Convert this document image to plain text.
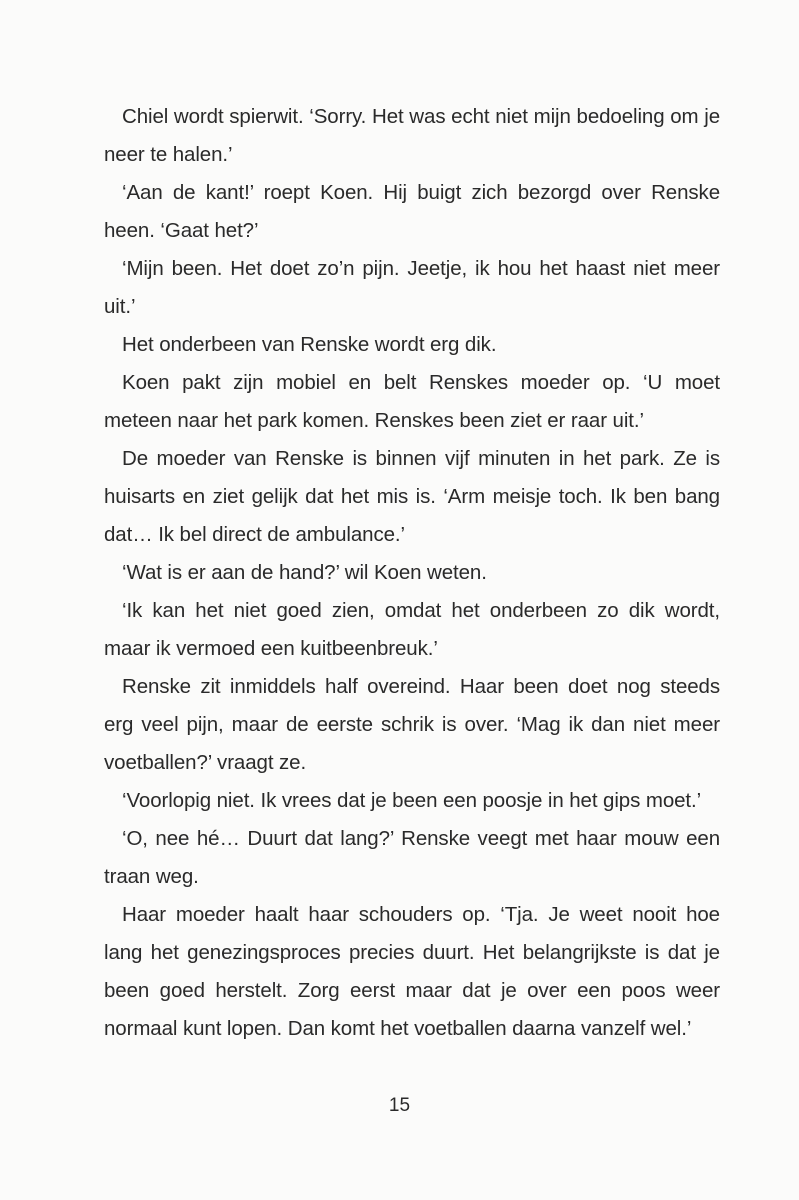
Chiel wordt spierwit. ‘Sorry. Het was echt niet mijn bedoeling om je neer te halen.’

‘Aan de kant!’ roept Koen. Hij buigt zich bezorgd over Renske heen. ‘Gaat het?’

‘Mijn been. Het doet zo’n pijn. Jeetje, ik hou het haast niet meer uit.’

Het onderbeen van Renske wordt erg dik.

Koen pakt zijn mobiel en belt Renskes moeder op. ‘U moet meteen naar het park komen. Renskes been ziet er raar uit.’

De moeder van Renske is binnen vijf minuten in het park. Ze is huisarts en ziet gelijk dat het mis is. ‘Arm meisje toch. Ik ben bang dat… Ik bel direct de ambulance.’

‘Wat is er aan de hand?’ wil Koen weten.

‘Ik kan het niet goed zien, omdat het onderbeen zo dik wordt, maar ik vermoed een kuitbeenbreuk.’

Renske zit inmiddels half overeind. Haar been doet nog steeds erg veel pijn, maar de eerste schrik is over. ‘Mag ik dan niet meer voetballen?’ vraagt ze.

‘Voorlopig niet. Ik vrees dat je been een poosje in het gips moet.’

‘O, nee hé… Duurt dat lang?’ Renske veegt met haar mouw een traan weg.

Haar moeder haalt haar schouders op. ‘Tja. Je weet nooit hoe lang het genezingsproces precies duurt. Het belangrijkste is dat je been goed herstelt. Zorg eerst maar dat je over een poos weer normaal kunt lopen. Dan komt het voetballen daarna vanzelf wel.’

15
